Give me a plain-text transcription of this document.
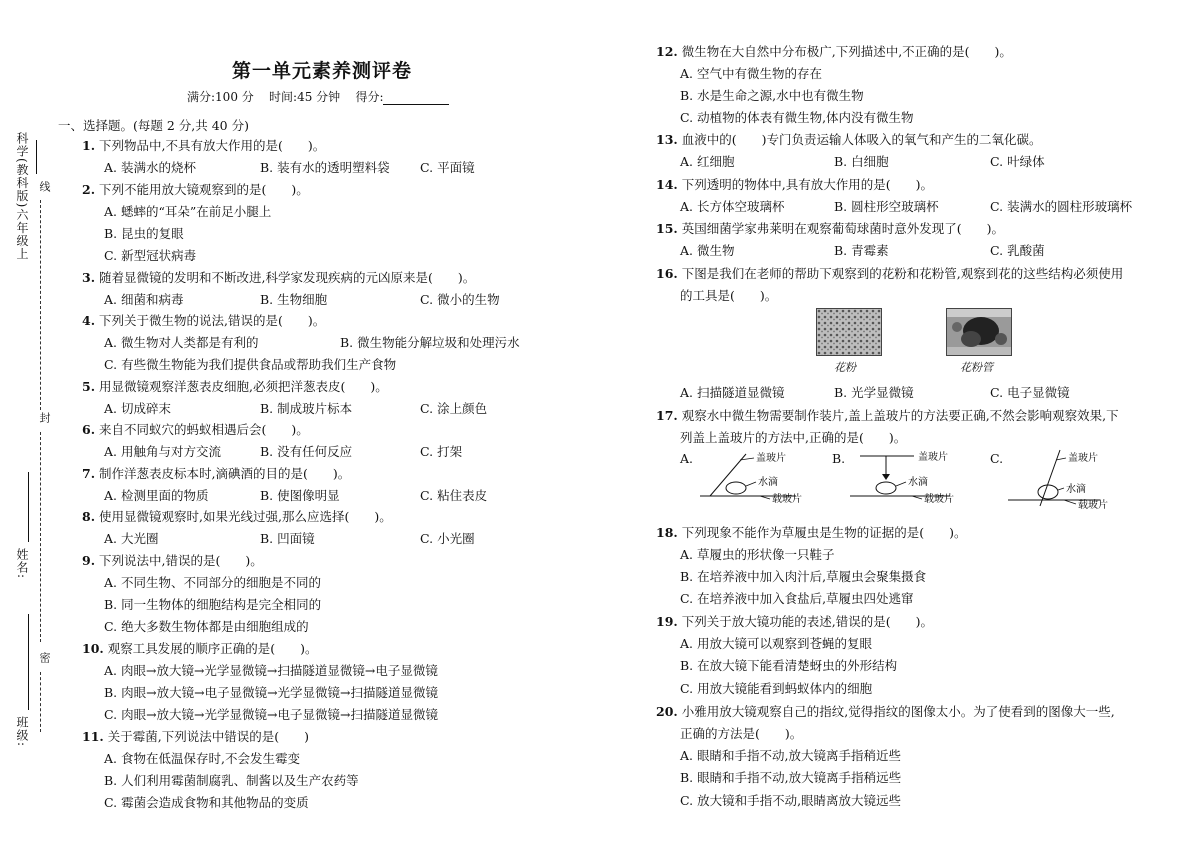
科学(教科版)六年级上 线
封
姓名:
密
班级:
第一单元素养测评卷
满分:100 分 时间:45 分钟 得分:
一、选择题。(每题 2 分,共 40 分)
1. 下列物品中,不具有放大作用的是(　　)。
A. 装满水的烧杯	B. 装有水的透明塑料袋 C. 平面镜
2. 下列不能用放大镜观察到的是(　　)。
A. 蟋蟀的“耳朵”在前足小腿上
B. 昆虫的复眼
C. 新型冠状病毒
3. 随着显微镜的发明和不断改进,科学家发现疾病的元凶原来是(　　)。
A. 细菌和病毒	B. 生物细胞	C. 微小的生物
4. 下列关于微生物的说法,错误的是(　　)。
A. 微生物对人类都是有利的	B. 微生物能分解垃圾和处理污水
C. 有些微生物能为我们提供食品或帮助我们生产食物
5. 用显微镜观察洋葱表皮细胞,必须把洋葱表皮(　　)。
A. 切成碎末	B. 制成玻片标本	C. 涂上颜色
6. 来自不同蚁穴的蚂蚁相遇后会(　　)。
A. 用触角与对方交流	B. 没有任何反应	C. 打架
7. 制作洋葱表皮标本时,滴碘酒的目的是(　　)。
A. 检测里面的物质	B. 使图像明显	C. 粘住表皮
8. 使用显微镜观察时,如果光线过强,那么应选择(　　)。
A. 大光圈	B. 凹面镜	C. 小光圈
9. 下列说法中,错误的是(　　)。
A. 不同生物、不同部分的细胞是不同的
B. 同一生物体的细胞结构是完全相同的
C. 绝大多数生物体都是由细胞组成的
10. 观察工具发展的顺序正确的是(　　)。
A. 肉眼→放大镜→光学显微镜→扫描隧道显微镜→电子显微镜
B. 肉眼→放大镜→电子显微镜→光学显微镜→扫描隧道显微镜
C. 肉眼→放大镜→光学显微镜→电子显微镜→扫描隧道显微镜
11. 关于霉菌,下列说法中错误的是(　　)
A. 食物在低温保存时,不会发生霉变
B. 人们利用霉菌制腐乳、制酱以及生产农药等
C. 霉菌会造成食物和其他物品的变质
12. 微生物在大自然中分布极广,下列描述中,不正确的是(　　)。
A. 空气中有微生物的存在
B. 水是生命之源,水中也有微生物
C. 动植物的体表有微生物,体内没有微生物
13. 血液中的(　　)专门负责运输人体吸入的氧气和产生的二氧化碳。
A. 红细胞	B. 白细胞	C. 叶绿体
14. 下列透明的物体中,具有放大作用的是(　　)。
A. 长方体空玻璃杯	B. 圆柱形空玻璃杯	C. 装满水的圆柱形玻璃杯
15. 英国细菌学家弗莱明在观察葡萄球菌时意外发现了(　　)。
A. 微生物	B. 青霉素	C. 乳酸菌
16. 下图是我们在老师的帮助下观察到的花粉和花粉管,观察到花的这些结构必须使用
的工具是(　　)。
花粉	花粉管
A. 扫描隧道显微镜	B. 光学显微镜	C. 电子显微镜
17. 观察水中微生物需要制作装片,盖上盖玻片的方法要正确,不然会影响观察效果,下
列盖上盖玻片的方法中,正确的是(　　)。
A.	盖玻片
水滴
载玻片
B.	盖玻片
水滴
载玻片
C.	盖玻片
水滴
载玻片
18. 下列现象不能作为草履虫是生物的证据的是(　　)。
A. 草履虫的形状像一只鞋子
B. 在培养液中加入肉汁后,草履虫会聚集摄食
C. 在培养液中加入食盐后,草履虫四处逃窜
19. 下列关于放大镜功能的表述,错误的是(　　)。
A. 用放大镜可以观察到苍蝇的复眼
B. 在放大镜下能看清楚蚜虫的外形结构
C. 用放大镜能看到蚂蚁体内的细胞
20. 小雅用放大镜观察自己的指纹,觉得指纹的图像太小。为了使看到的图像大一些,
正确的方法是(　　)。
A. 眼睛和手指不动,放大镜离手指稍近些
B. 眼睛和手指不动,放大镜离手指稍远些
C. 放大镜和手指不动,眼睛离放大镜远些
